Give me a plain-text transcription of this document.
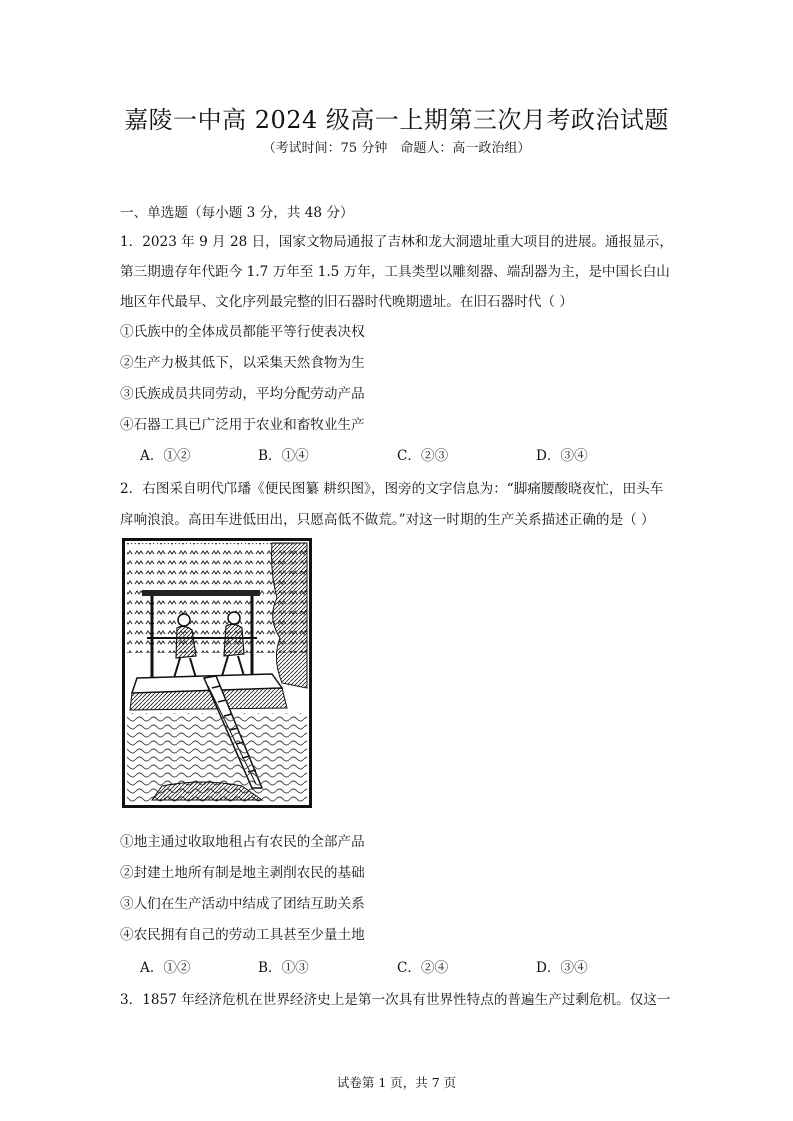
嘉陵一中高 2024 级高一上期第三次月考政治试题
（考试时间：75 分钟　命题人：高一政治组）
一、单选题（每小题 3 分，共 48 分）
1．2023 年 9 月 28 日，国家文物局通报了吉林和龙大洞遗址重大项目的进展。通报显示，
第三期遗存年代距今 1.7 万年至 1.5 万年，工具类型以雕刻器、端刮器为主，是中国长白山
地区年代最早、文化序列最完整的旧石器时代晚期遗址。在旧石器时代（ ）
①氏族中的全体成员都能平等行使表决权
②生产力极其低下，以采集天然食物为生
③氏族成员共同劳动，平均分配劳动产品
④石器工具已广泛用于农业和畜牧业生产
A．①②	B．①④	C．②③	D．③④
2．右图采自明代邝璠《便民图纂 耕织图》，图旁的文字信息为：“脚痛腰酸晓夜忙，田头车
戽响浪浪。高田车进低田出，只愿高低不做荒。”对这一时期的生产关系描述正确的是（ ）
①地主通过收取地租占有农民的全部产品
②封建土地所有制是地主剥削农民的基础
③人们在生产活动中结成了团结互助关系
④农民拥有自己的劳动工具甚至少量土地
A．①②	B．①③	C．②④	D．③④
3．1857 年经济危机在世界经济史上是第一次具有世界性特点的普遍生产过剩危机。仅这一
试卷第 1 页，共 7 页
